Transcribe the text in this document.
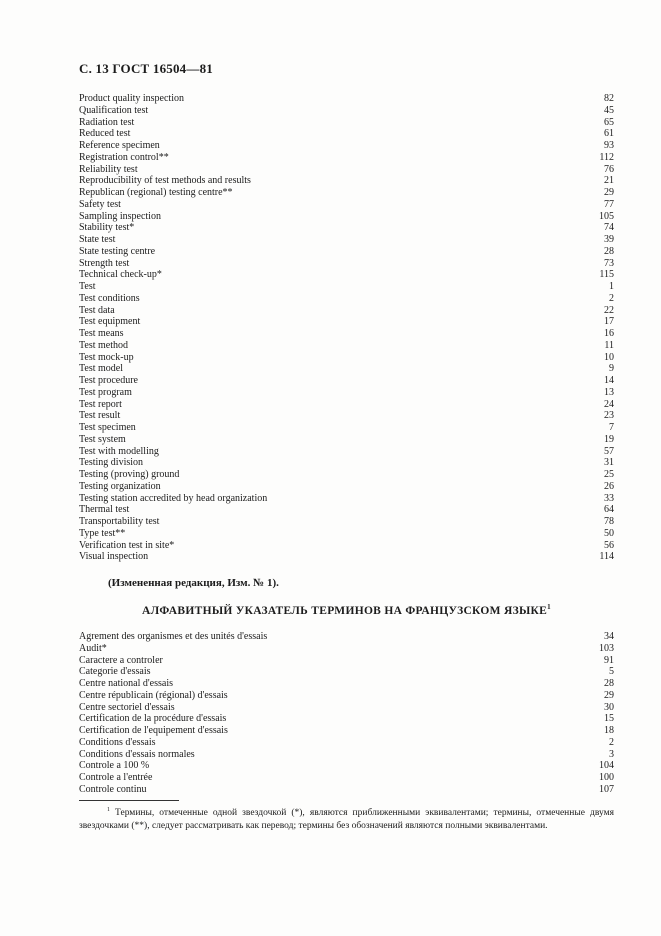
С. 13 ГОСТ 16504—81
Product quality inspection	82
Qualification test	45
Radiation test	65
Reduced test	61
Reference specimen	93
Registration control**	112
Reliability test	76
Reproducibility of test methods and results	21
Republican (regional) testing centre**	29
Safety test	77
Sampling inspection	105
Stability test*	74
State test	39
State testing centre	28
Strength test	73
Technical check-up*	115
Test	1
Test conditions	2
Test data	22
Test equipment	17
Test means	16
Test method	11
Test mock-up	10
Test model	9
Test procedure	14
Test program	13
Test report	24
Test result	23
Test specimen	7
Test system	19
Test with modelling	57
Testing division	31
Testing (proving) ground	25
Testing organization	26
Testing station accredited by head organization	33
Thermal test	64
Transportability test	78
Type test**	50
Verification test in site*	56
Visual inspection	114
(Измененная редакция, Изм. № 1).
АЛФАВИТНЫЙ УКАЗАТЕЛЬ ТЕРМИНОВ НА ФРАНЦУЗСКОМ ЯЗЫКЕ$^1$
Agrement des organismes et des unités d'essais	34
Audit*	103
Caractere a controler	91
Categorie d'essais	5
Centre national d'essais	28
Centre républicain (régional) d'essais	29
Centre sectoriel d'essais	30
Certification de la procédure d'essais	15
Certification de l'equipement d'essais	18
Conditions d'essais	2
Conditions d'essais normales	3
Controle a 100 %	104
Controle a l'entrée	100
Controle continu	107
$^1$ Термины, отмеченные одной звездочкой (*), являются приближенными эквивалентами; термины, отмеченные двумя звездочками (**), следует рассматривать как перевод; термины без обозначений являются полными эквивалентами.
